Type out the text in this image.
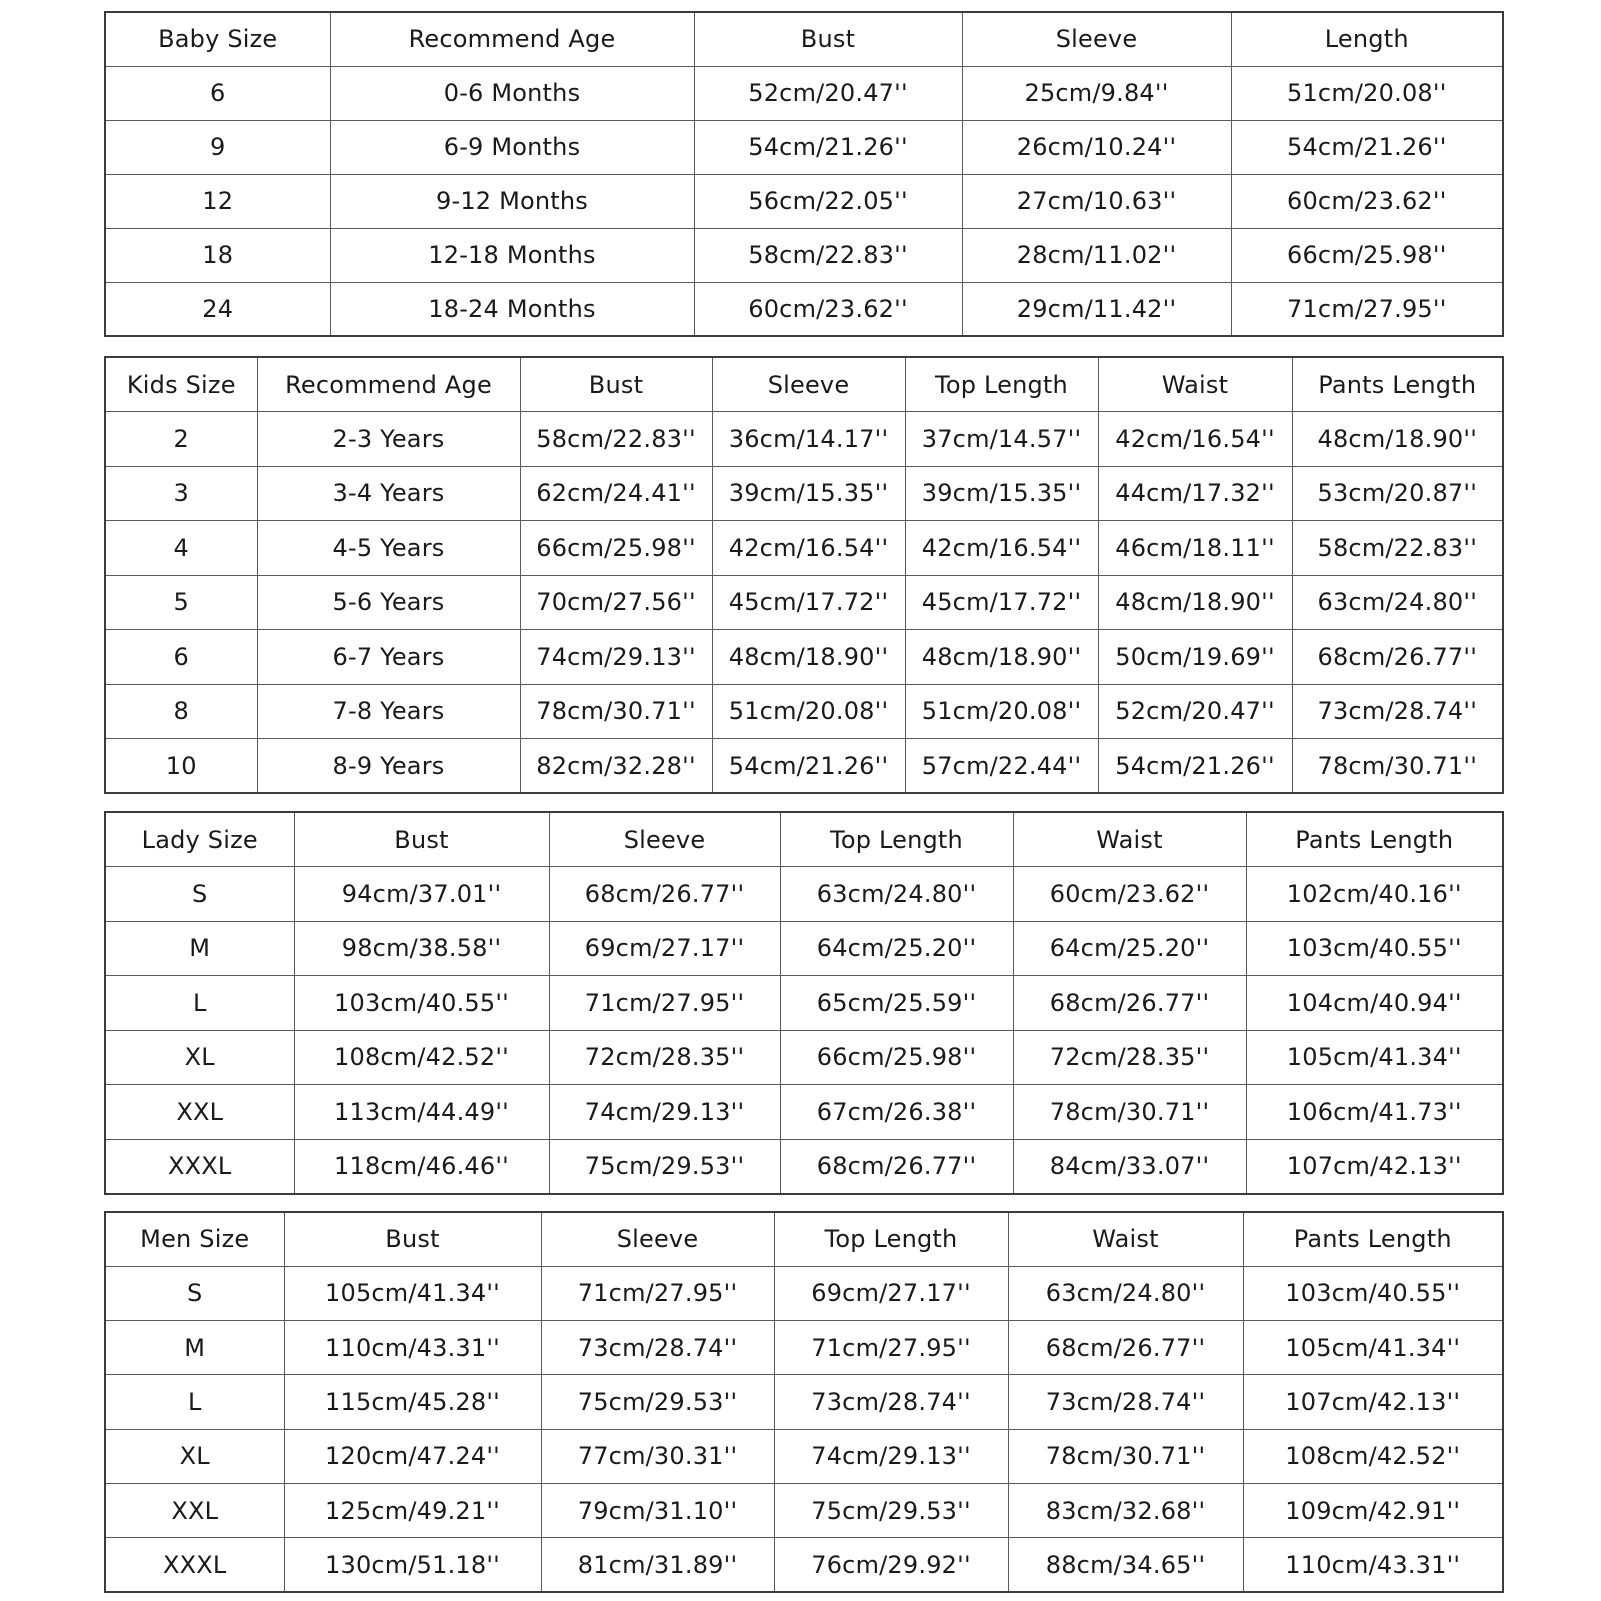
Baby Size	Recommend Age	Bust	Sleeve	Length
6	0-6 Months	52cm/20.47''	25cm/9.84''	51cm/20.08''
9	6-9 Months	54cm/21.26''	26cm/10.24''	54cm/21.26''
12	9-12 Months	56cm/22.05''	27cm/10.63''	60cm/23.62''
18	12-18 Months	58cm/22.83''	28cm/11.02''	66cm/25.98''
24	18-24 Months	60cm/23.62''	29cm/11.42''	71cm/27.95''
Kids Size	Recommend Age	Bust	Sleeve	Top Length	Waist	Pants Length
2	2-3 Years	58cm/22.83''	36cm/14.17''	37cm/14.57''	42cm/16.54''	48cm/18.90''
3	3-4 Years	62cm/24.41''	39cm/15.35''	39cm/15.35''	44cm/17.32''	53cm/20.87''
4	4-5 Years	66cm/25.98''	42cm/16.54''	42cm/16.54''	46cm/18.11''	58cm/22.83''
5	5-6 Years	70cm/27.56''	45cm/17.72''	45cm/17.72''	48cm/18.90''	63cm/24.80''
6	6-7 Years	74cm/29.13''	48cm/18.90''	48cm/18.90''	50cm/19.69''	68cm/26.77''
8	7-8 Years	78cm/30.71''	51cm/20.08''	51cm/20.08''	52cm/20.47''	73cm/28.74''
10	8-9 Years	82cm/32.28''	54cm/21.26''	57cm/22.44''	54cm/21.26''	78cm/30.71''
Lady Size	Bust	Sleeve	Top Length	Waist	Pants Length
S	94cm/37.01''	68cm/26.77''	63cm/24.80''	60cm/23.62''	102cm/40.16''
M	98cm/38.58''	69cm/27.17''	64cm/25.20''	64cm/25.20''	103cm/40.55''
L	103cm/40.55''	71cm/27.95''	65cm/25.59''	68cm/26.77''	104cm/40.94''
XL	108cm/42.52''	72cm/28.35''	66cm/25.98''	72cm/28.35''	105cm/41.34''
XXL	113cm/44.49''	74cm/29.13''	67cm/26.38''	78cm/30.71''	106cm/41.73''
XXXL	118cm/46.46''	75cm/29.53''	68cm/26.77''	84cm/33.07''	107cm/42.13''
Men Size	Bust	Sleeve	Top Length	Waist	Pants Length
S	105cm/41.34''	71cm/27.95''	69cm/27.17''	63cm/24.80''	103cm/40.55''
M	110cm/43.31''	73cm/28.74''	71cm/27.95''	68cm/26.77''	105cm/41.34''
L	115cm/45.28''	75cm/29.53''	73cm/28.74''	73cm/28.74''	107cm/42.13''
XL	120cm/47.24''	77cm/30.31''	74cm/29.13''	78cm/30.71''	108cm/42.52''
XXL	125cm/49.21''	79cm/31.10''	75cm/29.53''	83cm/32.68''	109cm/42.91''
XXXL	130cm/51.18''	81cm/31.89''	76cm/29.92''	88cm/34.65''	110cm/43.31''
